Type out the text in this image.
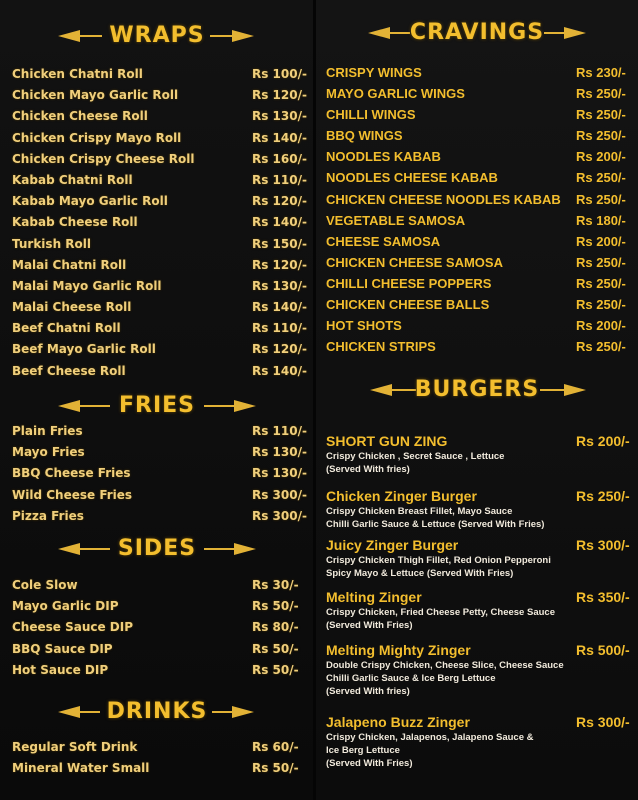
WRAPS
Chicken Chatni Roll	Rs 100/-
Chicken Mayo Garlic Roll	Rs 120/-
Chicken Cheese Roll	Rs 130/-
Chicken Crispy Mayo Roll	Rs 140/-
Chicken Crispy Cheese Roll	Rs 160/-
Kabab Chatni Roll	Rs 110/-
Kabab Mayo Garlic Roll	Rs 120/-
Kabab Cheese Roll	Rs 140/-
Turkish Roll	Rs 150/-
Malai Chatni Roll	Rs 120/-
Malai Mayo Garlic Roll	Rs 130/-
Malai Cheese Roll	Rs 140/-
Beef Chatni Roll	Rs 110/-
Beef Mayo Garlic Roll	Rs 120/-
Beef Cheese Roll	Rs 140/-
FRIES
Plain Fries	Rs 110/-
Mayo Fries	Rs 130/-
BBQ Cheese Fries	Rs 130/-
Wild Cheese Fries	Rs 300/-
Pizza Fries	Rs 300/-
SIDES
Cole Slow	Rs 30/-
Mayo Garlic DIP	Rs 50/-
Cheese Sauce DIP	Rs 80/-
BBQ Sauce DIP	Rs 50/-
Hot Sauce DIP	Rs 50/-
DRINKS
Regular Soft Drink	Rs 60/-
Mineral Water Small	Rs 50/-
CRAVINGS
CRISPY WINGS	Rs 230/-
MAYO GARLIC WINGS	Rs 250/-
CHILLI WINGS	Rs 250/-
BBQ WINGS	Rs 250/-
NOODLES KABAB	Rs 200/-
NOODLES CHEESE KABAB	Rs 250/-
CHICKEN CHEESE NOODLES KABAB Rs 250/-
VEGETABLE SAMOSA	Rs 180/-
CHEESE SAMOSA	Rs 200/-
CHICKEN CHEESE SAMOSA	Rs 250/-
CHILLI CHEESE POPPERS	Rs 250/-
CHICKEN CHEESE BALLS	Rs 250/-
HOT SHOTS	Rs 200/-
CHICKEN STRIPS	Rs 250/-
BURGERS
SHORT GUN ZING	Rs 200/-
Crispy Chicken , Secret Sauce , Lettuce
(Served With fries)
Chicken Zinger Burger	Rs 250/-
Crispy Chicken Breast Fillet, Mayo Sauce
Chilli Garlic Sauce & Lettuce (Served With Fries)
Juicy Zinger Burger	Rs 300/-
Crispy Chicken Thigh Fillet, Red Onion Pepperoni
Spicy Mayo & Lettuce (Served With Fries)
Melting Zinger	Rs 350/-
Crispy Chicken, Fried Cheese Petty, Cheese Sauce
(Served With Fries)
Melting Mighty Zinger	Rs 500/-
Double Crispy Chicken, Cheese Slice, Cheese Sauce
Chilli Garlic Sauce & Ice Berg Lettuce
(Served With fries)
Jalapeno Buzz Zinger	Rs 300/-
Crispy Chicken, Jalapenos, Jalapeno Sauce &
Ice Berg Lettuce
(Served With Fries)
